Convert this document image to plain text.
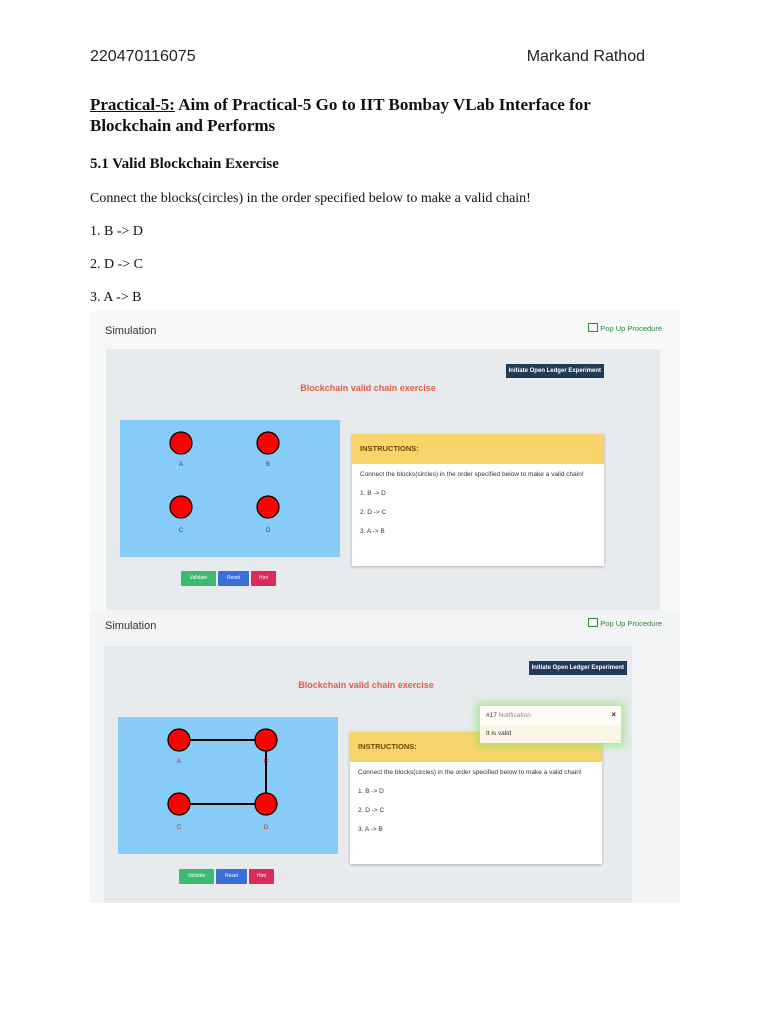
220470116075	Markand Rathod
Practical-5: Aim of Practical-5 Go to IIT Bombay VLab Interface for Blockchain and Performs
5.1 Valid Blockchain Exercise
Connect the blocks(circles) in the order specified below to make a valid chain!
1. B -> D
2. D -> C
3. A -> B
Simulation	Pop Up Procedure
Initiate Open Ledger Experiment
Blockchain valid chain exercise
A	B
C	D
INSTRUCTIONS:
Connect the blocks(circles) in the order specified below to make a valid chain!
1. B -> D
2. D -> C
3. A -> B
Validate	Reset	Hint
Simulation	Pop Up Procedure
Initiate Open Ledger Experiment
Blockchain valid chain exercise
A	B
C	D
INSTRUCTIONS:
Connect the blocks(circles) in the order specified below to make a valid chain!
1. B -> D
2. D -> C
3. A -> B
#17 Notification	×
It is valid
Validate	Reset	Hint
